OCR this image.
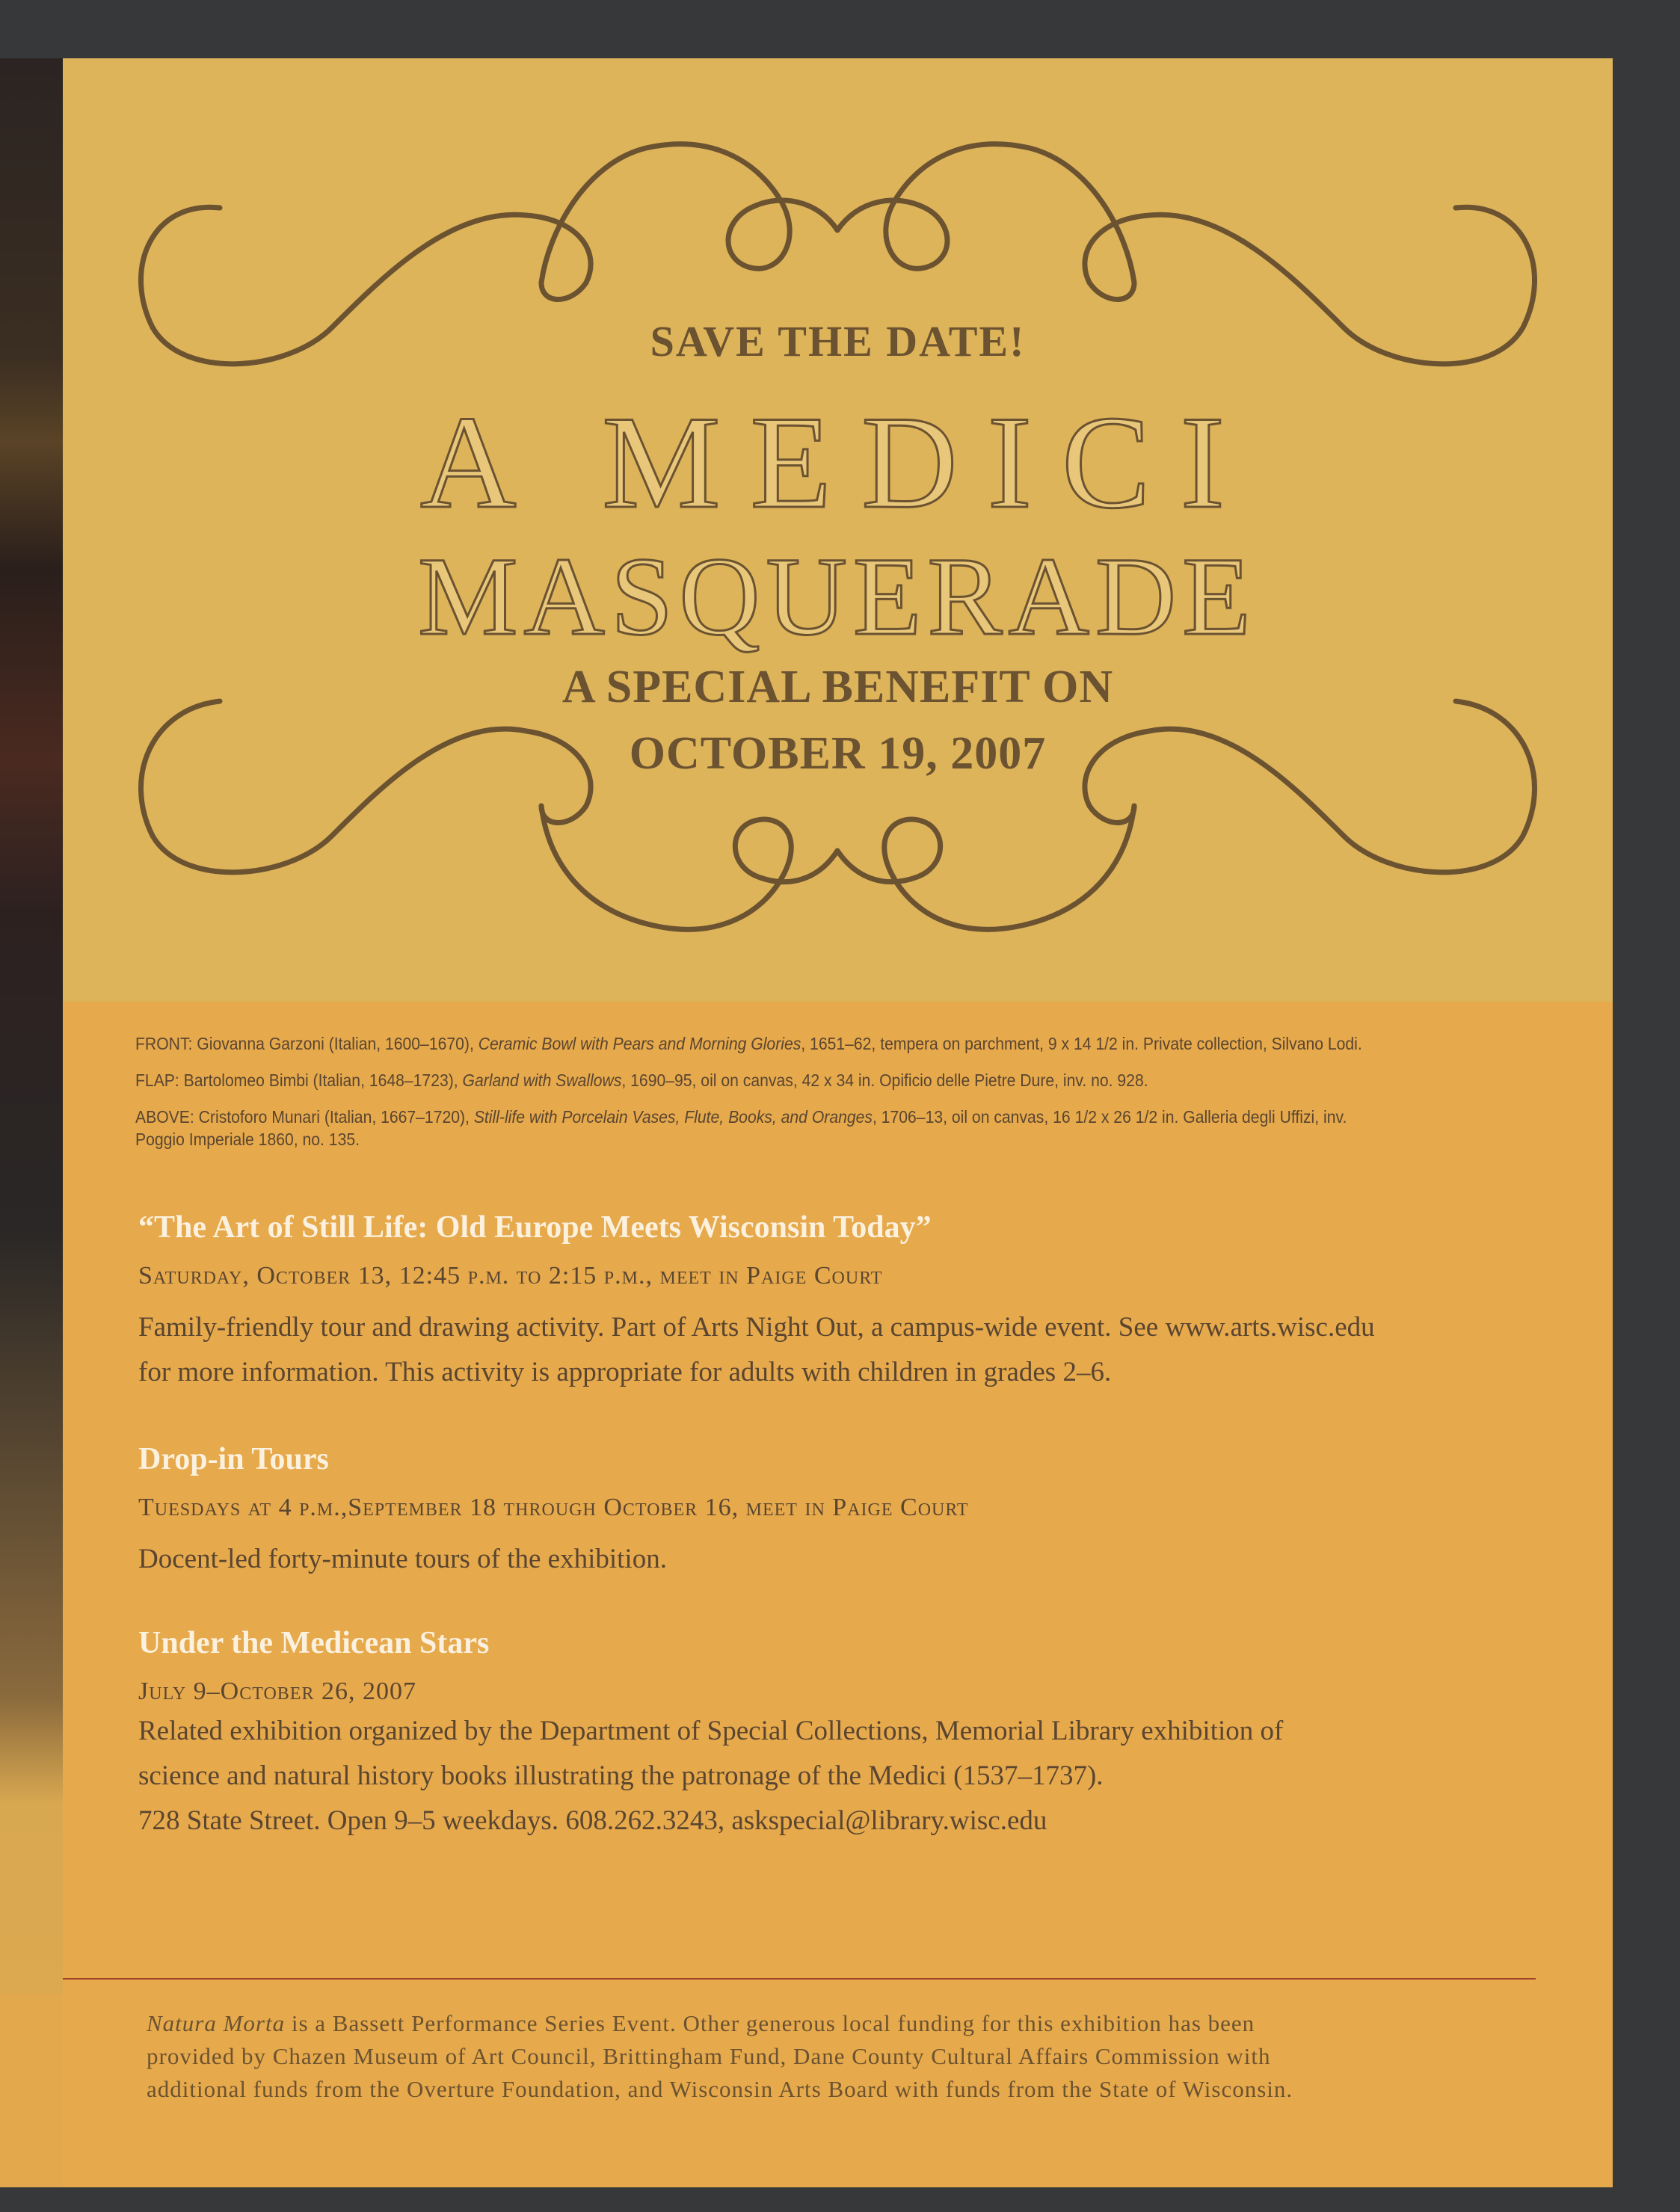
SAVE THE DATE!
A MEDICI
MASQUERADE
A SPECIAL BENEFIT ON
OCTOBER 19, 2007

FRONT: Giovanna Garzoni (Italian, 1600–1670), Ceramic Bowl with Pears and Morning Glories, 1651–62, tempera on parchment, 9 x 14 1/2 in. Private collection, Silvano Lodi.

FLAP: Bartolomeo Bimbi (Italian, 1648–1723), Garland with Swallows, 1690–95, oil on canvas, 42 x 34 in. Opificio delle Pietre Dure, inv. no. 928.

ABOVE: Cristoforo Munari (Italian, 1667–1720), Still-life with Porcelain Vases, Flute, Books, and Oranges, 1706–13, oil on canvas, 16 1/2 x 26 1/2 in. Galleria degli Uffizi, inv.
Poggio Imperiale 1860, no. 135.

“The Art of Still Life: Old Europe Meets Wisconsin Today”
Saturday, October 13, 12:45 p.m. to 2:15 p.m., meet in Paige Court
Family-friendly tour and drawing activity. Part of Arts Night Out, a campus-wide event. See www.arts.wisc.edu
for more information. This activity is appropriate for adults with children in grades 2–6.
Drop-in Tours
Tuesdays at 4 p.m.,September 18 through October 16, meet in Paige Court
Docent-led forty-minute tours of the exhibition.
Under the Medicean Stars
July 9–October 26, 2007
Related exhibition organized by the Department of Special Collections, Memorial Library exhibition of
science and natural history books illustrating the patronage of the Medici (1537–1737).
728 State Street. Open 9–5 weekdays. 608.262.3243, askspecial@library.wisc.edu
Natura Morta is a Bassett Performance Series Event. Other generous local funding for this exhibition has been
provided by Chazen Museum of Art Council, Brittingham Fund, Dane County Cultural Affairs Commission with
additional funds from the Overture Foundation, and Wisconsin Arts Board with funds from the State of Wisconsin.
